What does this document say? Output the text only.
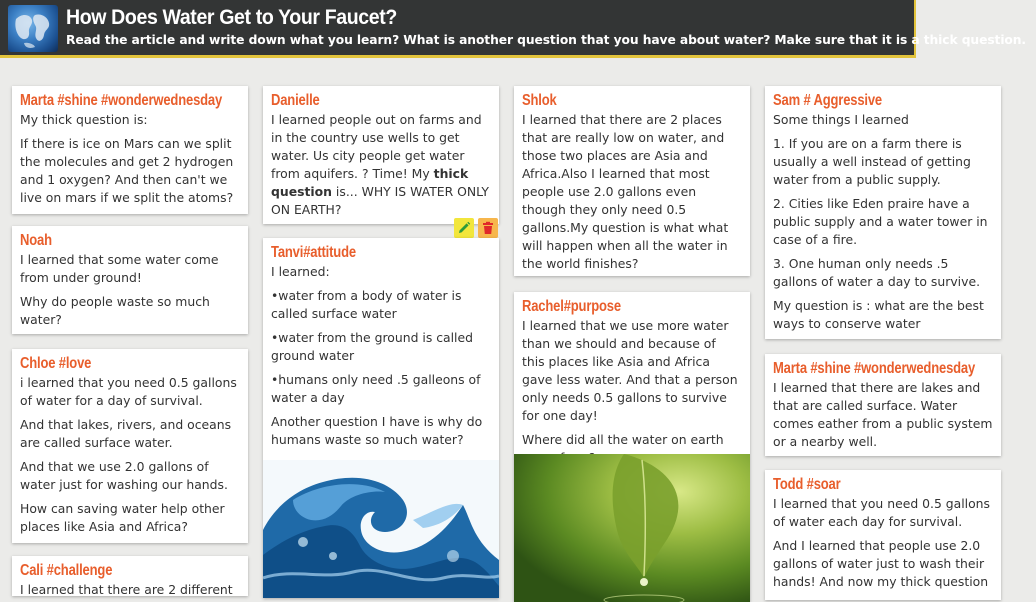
How Does Water Get to Your Faucet?
Read the article and write down what you learn? What is another question that you have about water? Make sure that it is a thick question.
Marta #shine #wonderwednesday

My thick question is:

If there is ice on Mars can we split the molecules and get 2 hydrogen and 1 oxygen? And then can't we live on mars if we split the atoms?

Noah

I learned that some water come from under ground!

Why do people waste so much water?

Chloe #love

i learned that you need 0.5 gallons of water for a day of survival.

And that lakes, rivers, and oceans are called surface water.

And that we use 2.0 gallons of water just for washing our hands.

How can saving water help other places like Asia and Africa?

Cali #challenge

I learned that there are 2 different

Danielle

I learned people out on farms and in the country use wells to get water. Us city people get water from aquifers. ? Time! My thick question is... WHY IS WATER ONLY ON EARTH?

Tanvi#attitude

I learned:

•water from a body of water is called surface water

•water from the ground is called ground water

•humans only need .5 galleons of water a day

Another question I have is why do humans waste so much water?

Shlok

I learned that there are 2 places that are really low on water, and those two places are Asia and Africa.Also I learned that most people use 2.0 gallons even though they only need 0.5 gallons.My question is what what will happen when all the water in the world finishes?

Rachel#purpose

I learned that we use more water than we should and because of this places like Asia and Africa gave less water. And that a person only needs 0.5 gallons to survive for one day!

Where did all the water on earth

Sam # Aggressive

Some things I learned

1. If you are on a farm there is usually a well instead of getting water from a public supply.

2. Cities like Eden praire have a public supply and a water tower in case of a fire.

3. One human only needs .5 gallons of water a day to survive.

My question is : what are the best ways to conserve water

Marta #shine #wonderwednesday

I learned that there are lakes and that are called surface. Water comes eather from a public system or a nearby well.

Todd #soar

I learned that you need 0.5 gallons of water each day for survival.

And I learned that people use 2.0 gallons of water just to wash their hands! And now my thick question
